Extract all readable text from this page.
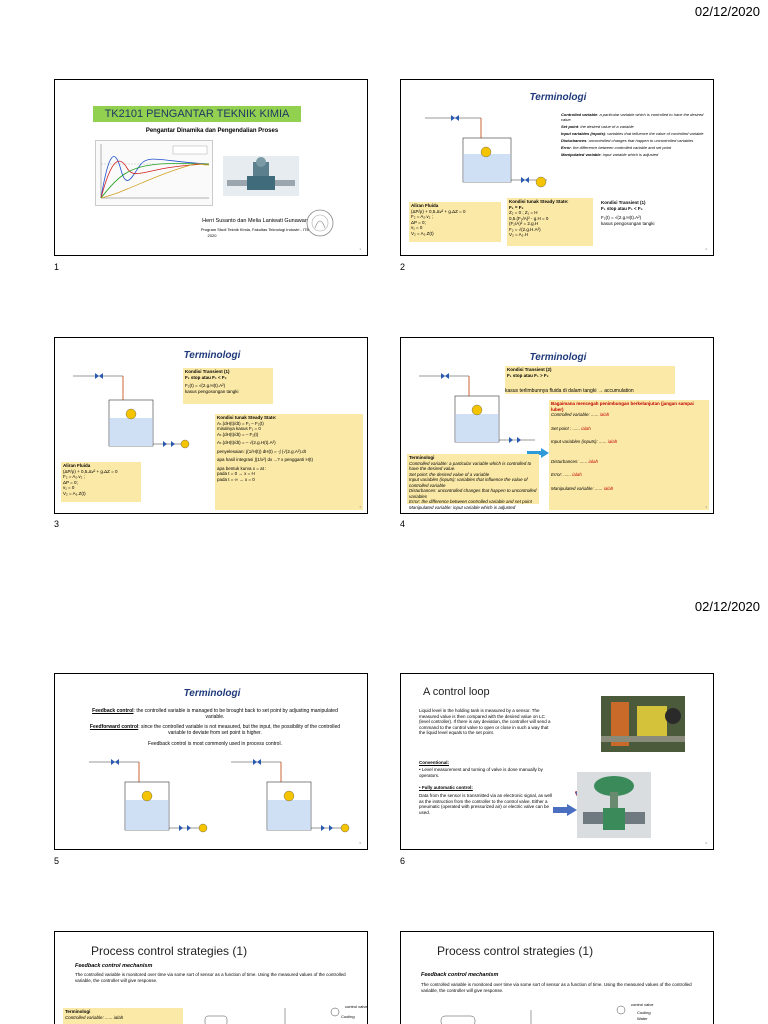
02/12/2020
02/12/2020
TK2101 PENGANTAR TEKNIK KIMIA
Pengantar Dinamika dan Pengendalian Proses
Herri Susanto dan Melia Laniwati Gunawan
Program Studi Teknik Kimia, Fakultas Teknologi Industri - ITB
2020
1
1
Terminologi
Controlled variable: a particular variable which is controlled to have the desired value.
Set point: the desired value of a variable
Input variables (inputs): variables that influence the value of controlled variable
Disturbances: uncontrolled changes that happen to uncontrolled variables
Error: the difference between controlled variable and set point
Manipulated variable: input variable which is adjusted
Aliran Fluida
(ΔP/ρ) + 0,5.Δv² + g.ΔZ = 0
F₂ = A₂.v₂ ;
ΔP = 0;
v₁ = 0
V₂ = A₂.Z(t)
Kondisi tunak Steady State:
F₁ = F₂
Z₂ = 0 ; Z₁ = H
0,5.(F₂/A)² - g.H = 0
(F₂/A)² = 2.g.H
F₂ = √(2.g.H.A²)
V₂ = A₂.H
Kondisi Transient (1)
F₁ stop atau F₁ < F₂
F₂(t) = √(2.g.H(t).A²)
kasus pengosongan tangki
2
2
Terminologi
Kondisi Transient (1)
F₁ stop atau F₁ < F₂
F₂(t) = √(2.g.H(t).A²)
kasus pengosongan tangki
Kondisi tunak Steady State:
Aₜ.(dH(t)/dt) = F₁ – F₂(t)
misalnya kasus F₁ = 0
Aₜ.(dH(t)/dt) = – F₂(t)
Aₜ.(dH(t)/dt) = – √(2.g.H(t).A²)
penyelesaian: ∫(1/H(t)) dH(t) = -∫ (√(2.g.A²).dt
apa hasil integrasi ∫(1/x²) dx ...? x pengganti H(t)
apa bentuk kurva x = at :
pada t = 0 → x = H
pada t = ∞ → x = 0
Aliran Fluida
(ΔP/ρ) + 0,5.Δv² + g.ΔZ = 0
F₂ = A₂.v₂ ;
ΔP = 0;
v₁ = 0
V₂ = A₂.Z(t)
3
3
Terminologi
Kondisi Transient (2)
F₁ stop atau F₁ > F₂
kasus terlimbunnya fluida di dalam tangki → accumulation
Bagaimana mencegah penimbungan berkelanjutan (jangan sampai luber)
Controlled variable: ...... ialah
Set point : ...... ialah
Input variables (inputs): ...... ialah
Disturbances: ...... ialah
Error: ...... ialah
Manipulated variable: ...... ialah
Terminologi
Controlled variable: a particular variable which is controlled to have the desired value.
Set point: the desired value of a variable
Input variables (inputs): variables that influence the value of controlled variable
Disturbances: uncontrolled changes that happen to uncontrolled variables
Error: the difference between controlled variable and set point
Manipulated variable: input variable which is adjusted	4
4
Terminologi
Feedback control: the controlled variable is managed to be brought back to set point by adjusting manipulated variable.
Feedforward control: since the controlled variable is not measured, but the input, the possibility of the controlled variable to deviate from set point is higher.
Feedback control is most commonly used in process control.
5
5
A control loop
Liquid level in the holding tank is measured by a sensor. The measured value is then compared with the desired value on LC (level controller). If there is any deviation, the controller will send a command to the control valve to open or close in such a way that the liquid level equals to the set point.
Conventional:
• Level measurement and turning of valve is done manually by operators.
• Fully automatic control:
Data from the sensor is transmitted via an electronic signal, as well as the instruction from the controller to the control valve. Either a pneumatic (operated with pressurized air) or electric valve can be used.
6
6
Process control strategies (1)
Feedback control mechanism
The controlled variable is monitored over time via some sort of sensor as a function of time. Using the measured values of the controlled variable, the controller will give response.
Terminologi
Controlled variable: ...... ialah
control valve
Cooling
Process control strategies (1)
Feedback control mechanism
The controlled variable is monitored over time via some sort of sensor as a function of time. Using the measured values of the controlled variable, the controller will give response.
control valve
Cooling
Water
